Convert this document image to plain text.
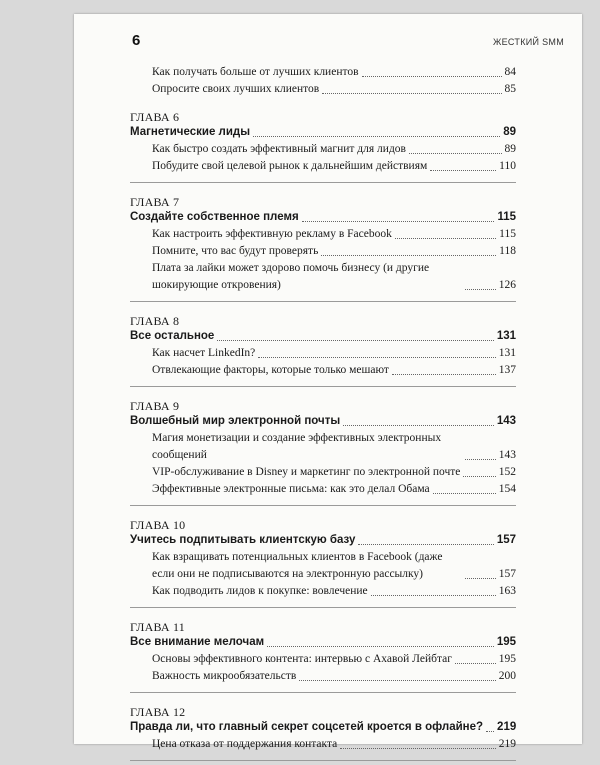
6	ЖЕСТКИЙ SMM
Как получать больше от лучших клиентов	84
Опросите своих лучших клиентов	85
ГЛАВА 6
Магнетические лиды	89
Как быстро создать эффективный магнит для лидов	89
Побудите свой целевой рынок к дальнейшим действиям	110
ГЛАВА 7
Создайте собственное племя	115
Как настроить эффективную рекламу в Facebook	115
Помните, что вас будут проверять	118
Плата за лайки может здорово помочь бизнесу (и другие шокирующие откровения)	126
ГЛАВА 8
Все остальное	131
Как насчет LinkedIn?	131
Отвлекающие факторы, которые только мешают	137
ГЛАВА 9
Волшебный мир электронной почты	143
Магия монетизации и создание эффективных электронных сообщений	143
VIP-обслуживание в Disney и маркетинг по электронной почте	152
Эффективные электронные письма: как это делал Обама	154
ГЛАВА 10
Учитесь подпитывать клиентскую базу	157
Как взращивать потенциальных клиентов в Facebook (даже если они не подписываются на электронную рассылку)	157
Как подводить лидов к покупке: вовлечение	163
ГЛАВА 11
Все внимание мелочам	195
Основы эффективного контента: интервью с Ахавой Лейбтаг	195
Важность микрообязательств	200
ГЛАВА 12
Правда ли, что главный секрет соцсетей кроется в офлайне? 219
Цена отказа от поддержания контакта	219
